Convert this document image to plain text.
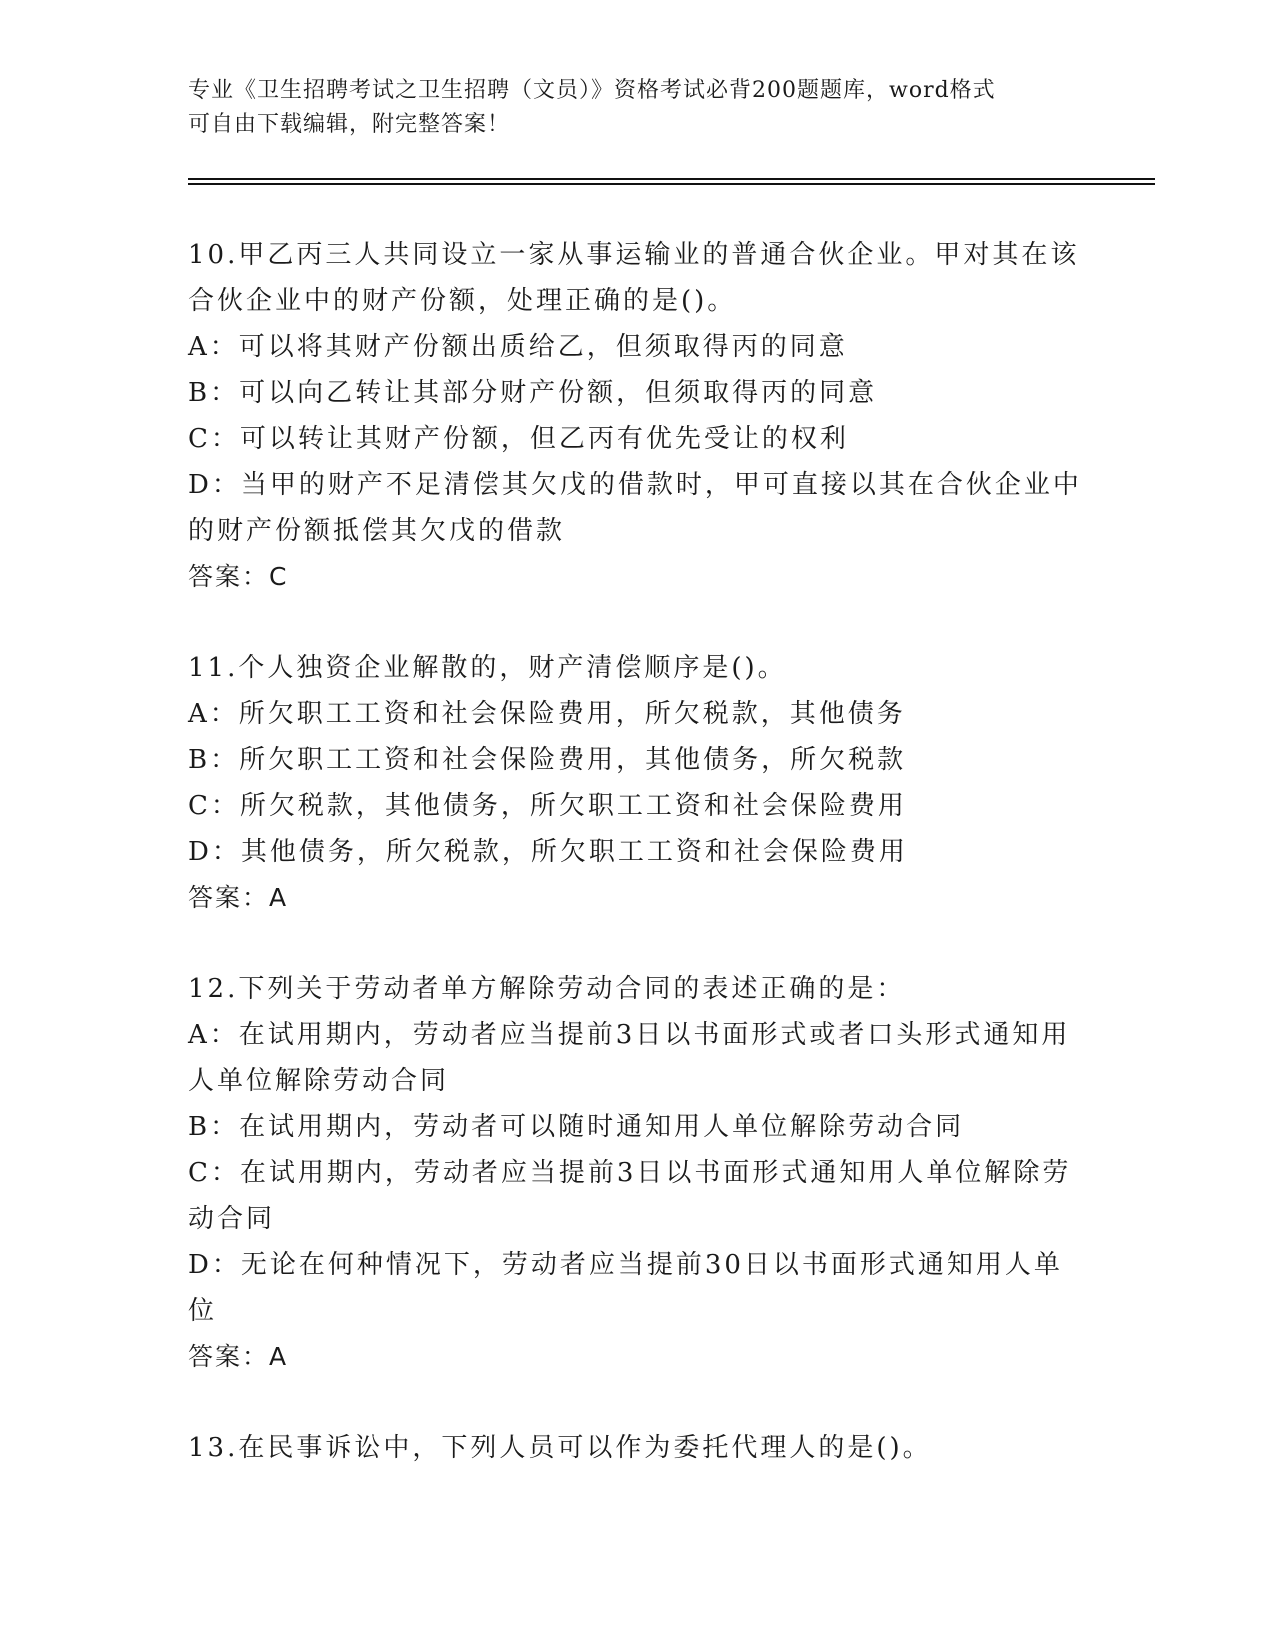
专业《卫生招聘考试之卫生招聘（文员）》资格考试必背200题题库，word格式
可自由下载编辑，附完整答案！
10.甲乙丙三人共同设立一家从事运输业的普通合伙企业。甲对其在该
合伙企业中的财产份额，处理正确的是()。
A：可以将其财产份额出质给乙，但须取得丙的同意
B：可以向乙转让其部分财产份额，但须取得丙的同意
C：可以转让其财产份额，但乙丙有优先受让的权利
D：当甲的财产不足清偿其欠戊的借款时，甲可直接以其在合伙企业中
的财产份额抵偿其欠戊的借款
答案：C
11.个人独资企业解散的，财产清偿顺序是()。
A：所欠职工工资和社会保险费用，所欠税款，其他债务
B：所欠职工工资和社会保险费用，其他债务，所欠税款
C：所欠税款，其他债务，所欠职工工资和社会保险费用
D：其他债务，所欠税款，所欠职工工资和社会保险费用
答案：A
12.下列关于劳动者单方解除劳动合同的表述正确的是：
A：在试用期内，劳动者应当提前3日以书面形式或者口头形式通知用
人单位解除劳动合同
B：在试用期内，劳动者可以随时通知用人单位解除劳动合同
C：在试用期内，劳动者应当提前3日以书面形式通知用人单位解除劳
动合同
D：无论在何种情况下，劳动者应当提前30日以书面形式通知用人单
位
答案：A
13.在民事诉讼中，下列人员可以作为委托代理人的是()。
